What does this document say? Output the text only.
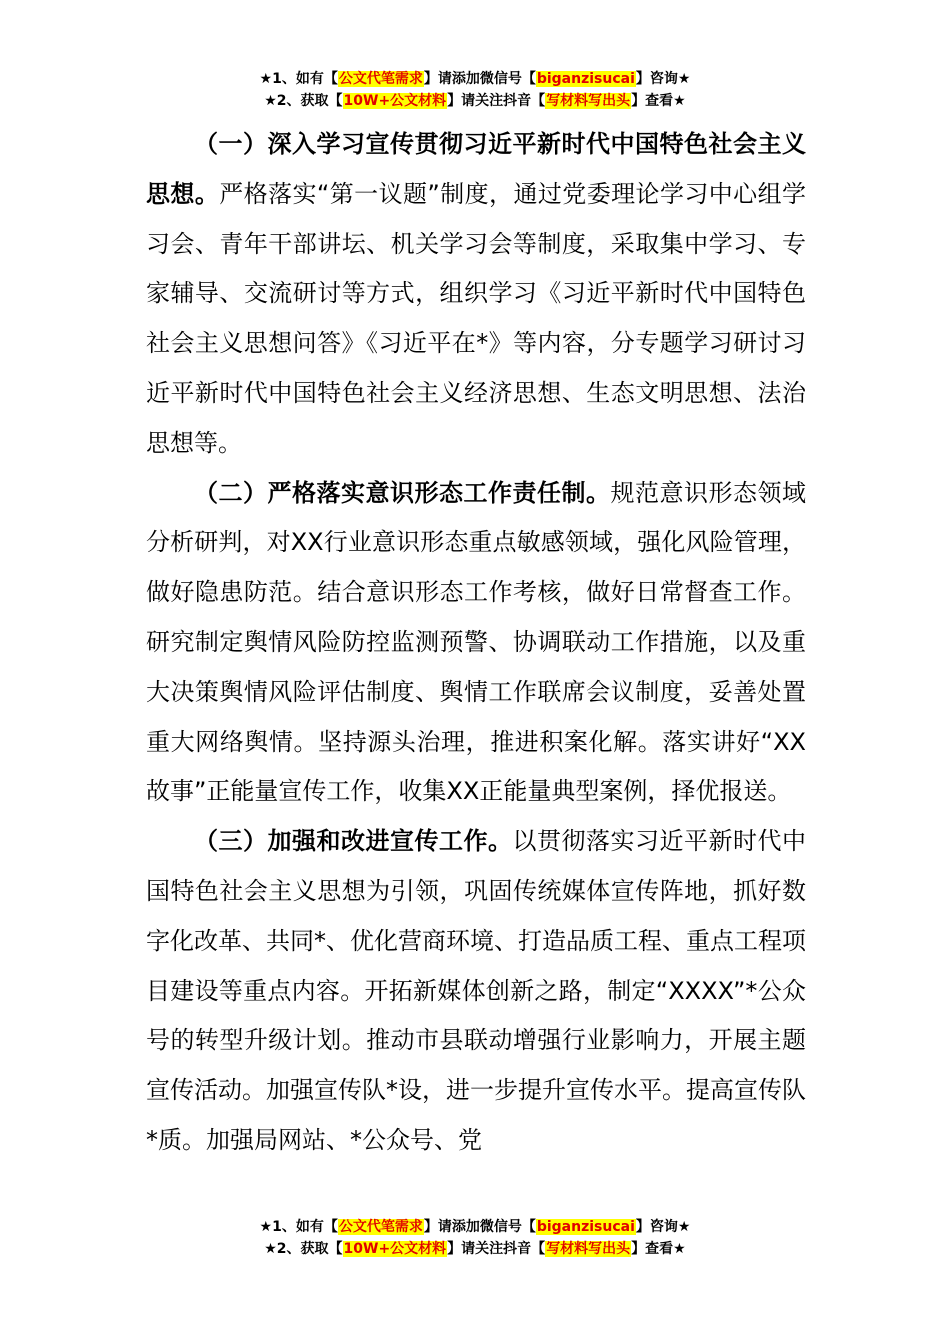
★1、如有【公文代笔需求】请添加微信号【biganzisucai】咨询★
★2、获取【10W+公文材料】请关注抖音【写材料写出头】查看★

（一）深入学习宣传贯彻习近平新时代中国特色社会主义思想。严格落实“第一议题”制度，通过党委理论学习中心组学习会、青年干部讲坛、机关学习会等制度，采取集中学习、专家辅导、交流研讨等方式，组织学习《习近平新时代中国特色社会主义思想问答》《习近平在*》等内容，分专题学习研讨习近平新时代中国特色社会主义经济思想、生态文明思想、法治思想等。

（二）严格落实意识形态工作责任制。规范意识形态领域分析研判，对XX行业意识形态重点敏感领域，强化风险管理，做好隐患防范。结合意识形态工作考核，做好日常督查工作。研究制定舆情风险防控监测预警、协调联动工作措施，以及重大决策舆情风险评估制度、舆情工作联席会议制度，妥善处置重大网络舆情。坚持源头治理，推进积案化解。落实讲好“XX故事”正能量宣传工作，收集XX正能量典型案例，择优报送。

（三）加强和改进宣传工作。以贯彻落实习近平新时代中国特色社会主义思想为引领，巩固传统媒体宣传阵地，抓好数字化改革、共同*、优化营商环境、打造品质工程、重点工程项目建设等重点内容。开拓新媒体创新之路，制定“XXXX”*公众号的转型升级计划。推动市县联动增强行业影响力，开展主题宣传活动。加强宣传队*设，进一步提升宣传水平。提高宣传队*质。加强局网站、*公众号、党

★1、如有【公文代笔需求】请添加微信号【biganzisucai】咨询★
★2、获取【10W+公文材料】请关注抖音【写材料写出头】查看★
